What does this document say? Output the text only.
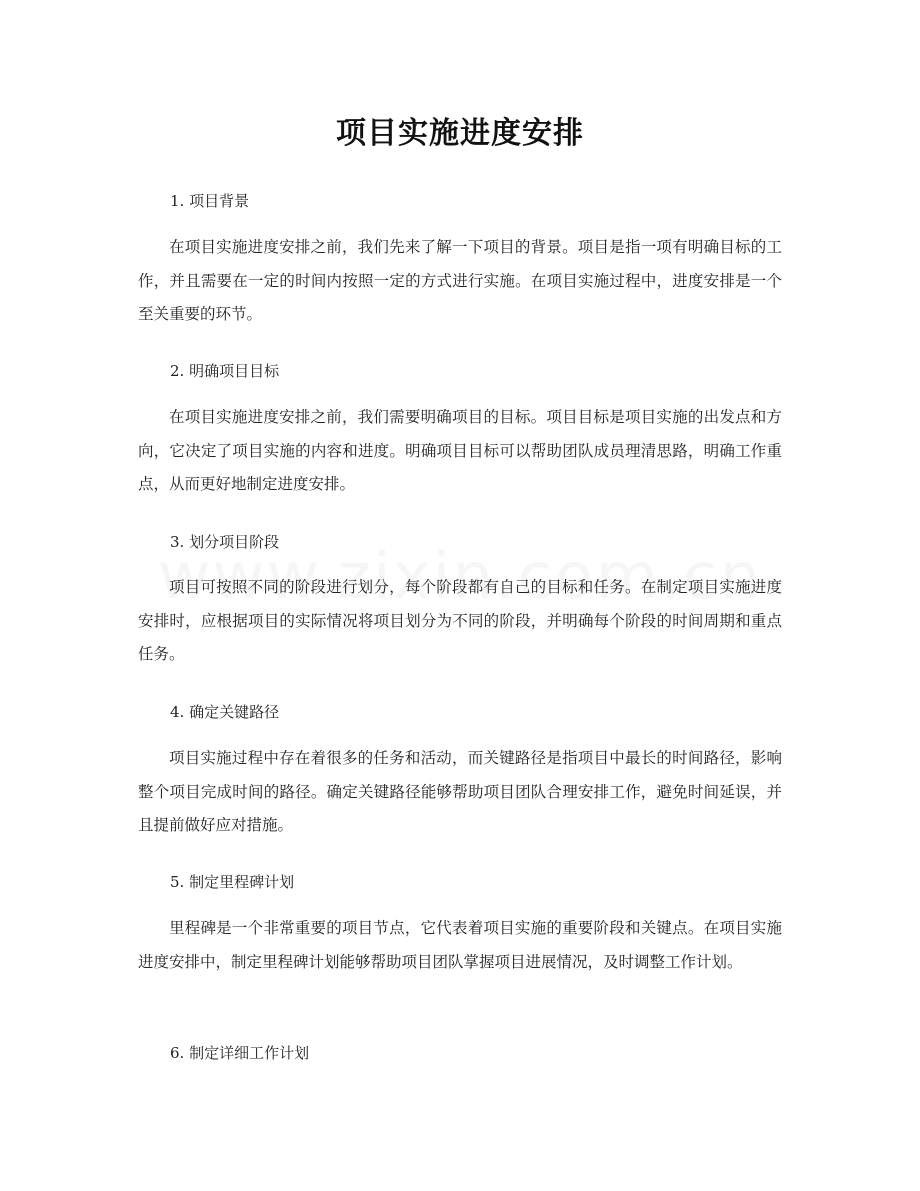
项目实施进度安排

1. 项目背景

在项目实施进度安排之前，我们先来了解一下项目的背景。项目是指一项有明确目标的工作，并且需要在一定的时间内按照一定的方式进行实施。在项目实施过程中，进度安排是一个至关重要的环节。

2. 明确项目目标

在项目实施进度安排之前，我们需要明确项目的目标。项目目标是项目实施的出发点和方向，它决定了项目实施的内容和进度。明确项目目标可以帮助团队成员理清思路，明确工作重点，从而更好地制定进度安排。

3. 划分项目阶段

项目可按照不同的阶段进行划分，每个阶段都有自己的目标和任务。在制定项目实施进度安排时，应根据项目的实际情况将项目划分为不同的阶段，并明确每个阶段的时间周期和重点任务。

4. 确定关键路径

项目实施过程中存在着很多的任务和活动，而关键路径是指项目中最长的时间路径，影响整个项目完成时间的路径。确定关键路径能够帮助项目团队合理安排工作，避免时间延误，并且提前做好应对措施。

5. 制定里程碑计划

里程碑是一个非常重要的项目节点，它代表着项目实施的重要阶段和关键点。在项目实施进度安排中，制定里程碑计划能够帮助项目团队掌握项目进展情况，及时调整工作计划。

6. 制定详细工作计划
